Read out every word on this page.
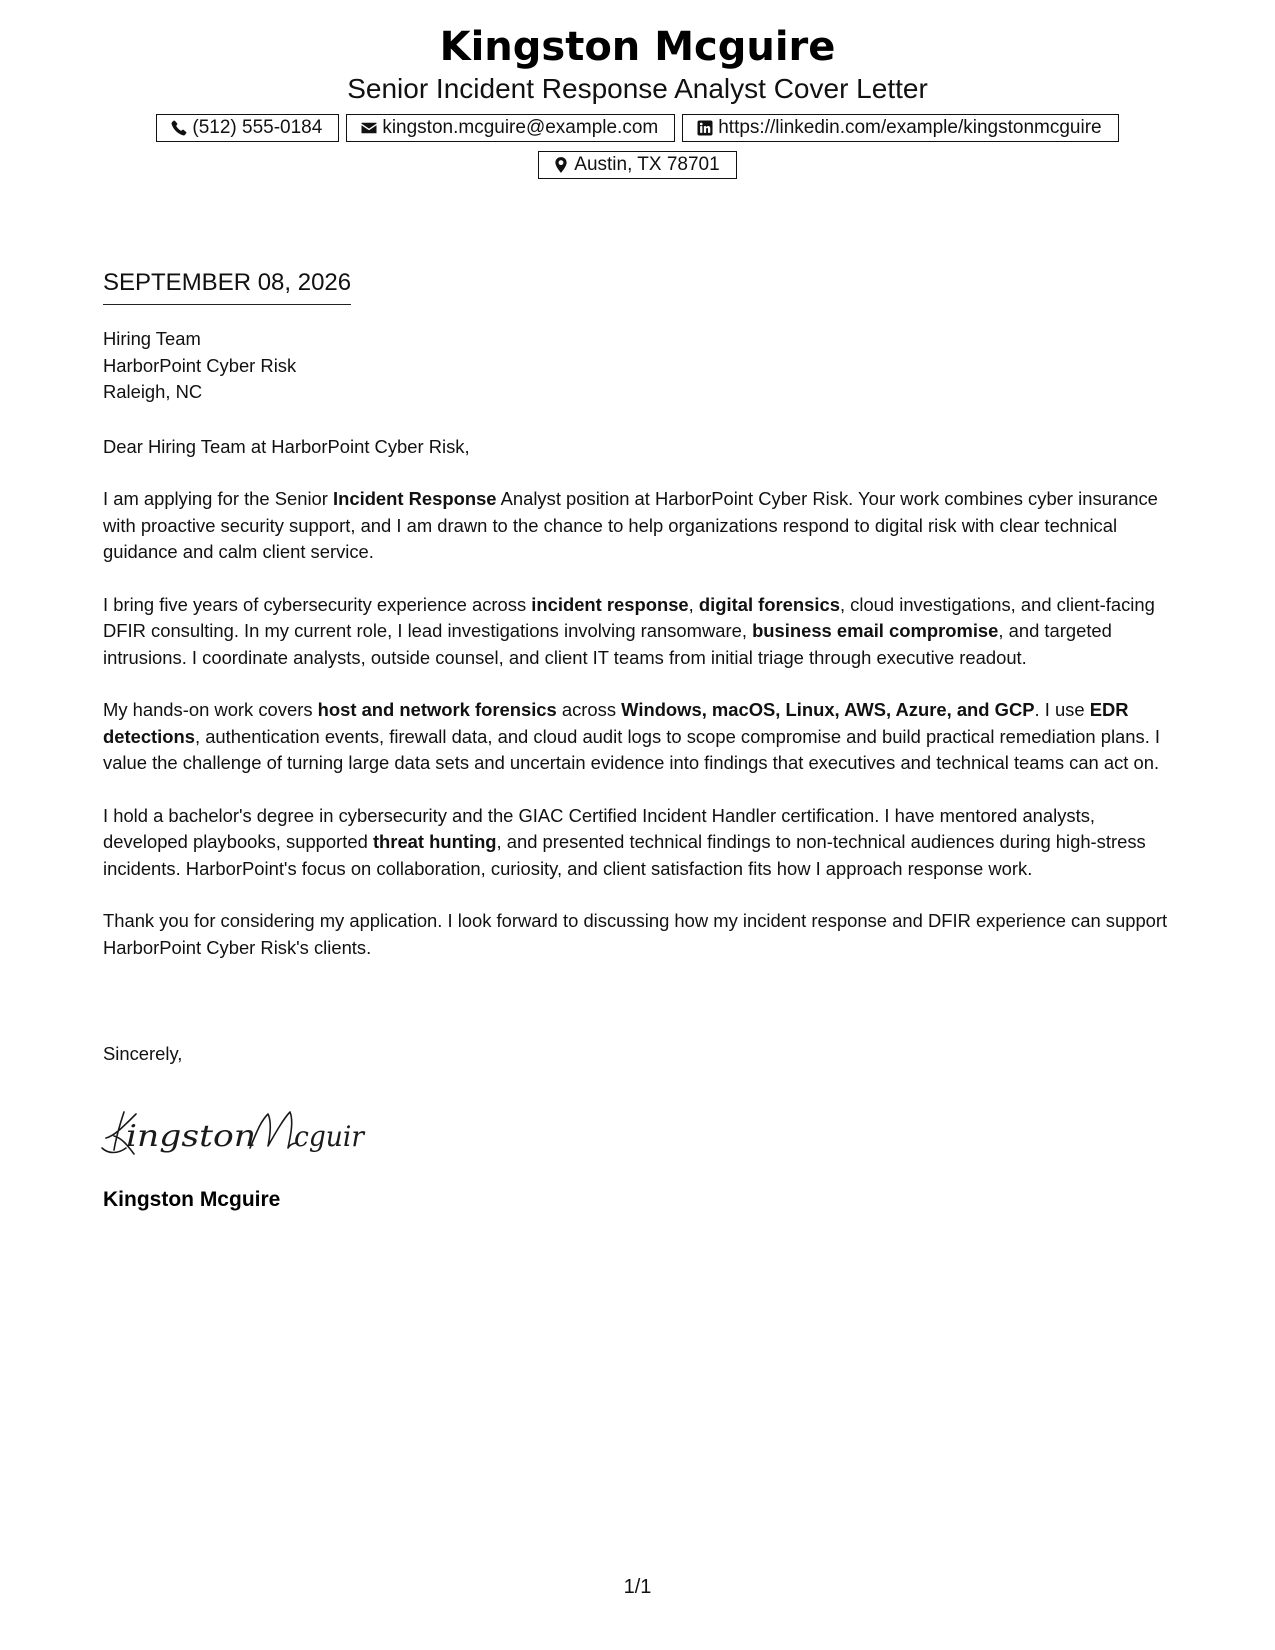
Kingston Mcguire
Senior Incident Response Analyst Cover Letter
(512) 555-0184	kingston.mcguire@example.com	https://linkedin.com/example/kingstonmcguire
Austin, TX 78701
SEPTEMBER 08, 2026
Hiring Team
HarborPoint Cyber Risk
Raleigh, NC

Dear Hiring Team at HarborPoint Cyber Risk,

I am applying for the Senior Incident Response Analyst position at HarborPoint Cyber Risk. Your work combines cyber insurance with proactive security support, and I am drawn to the chance to help organizations respond to digital risk with clear technical guidance and calm client service.

I bring five years of cybersecurity experience across incident response, digital forensics, cloud investigations, and client-facing DFIR consulting. In my current role, I lead investigations involving ransomware, business email compromise, and targeted intrusions. I coordinate analysts, outside counsel, and client IT teams from initial triage through executive readout.

My hands-on work covers host and network forensics across Windows, macOS, Linux, AWS, Azure, and GCP. I use EDR detections, authentication events, firewall data, and cloud audit logs to scope compromise and build practical remediation plans. I value the challenge of turning large data sets and uncertain evidence into findings that executives and technical teams can act on.

I hold a bachelor's degree in cybersecurity and the GIAC Certified Incident Handler certification. I have mentored analysts, developed playbooks, supported threat hunting, and presented technical findings to non-technical audiences during high-stress incidents. HarborPoint's focus on collaboration, curiosity, and client satisfaction fits how I approach response work.

Thank you for considering my application. I look forward to discussing how my incident response and DFIR experience can support HarborPoint Cyber Risk's clients.

Sincerely,
ingston cguir
Kingston Mcguire
1/1
